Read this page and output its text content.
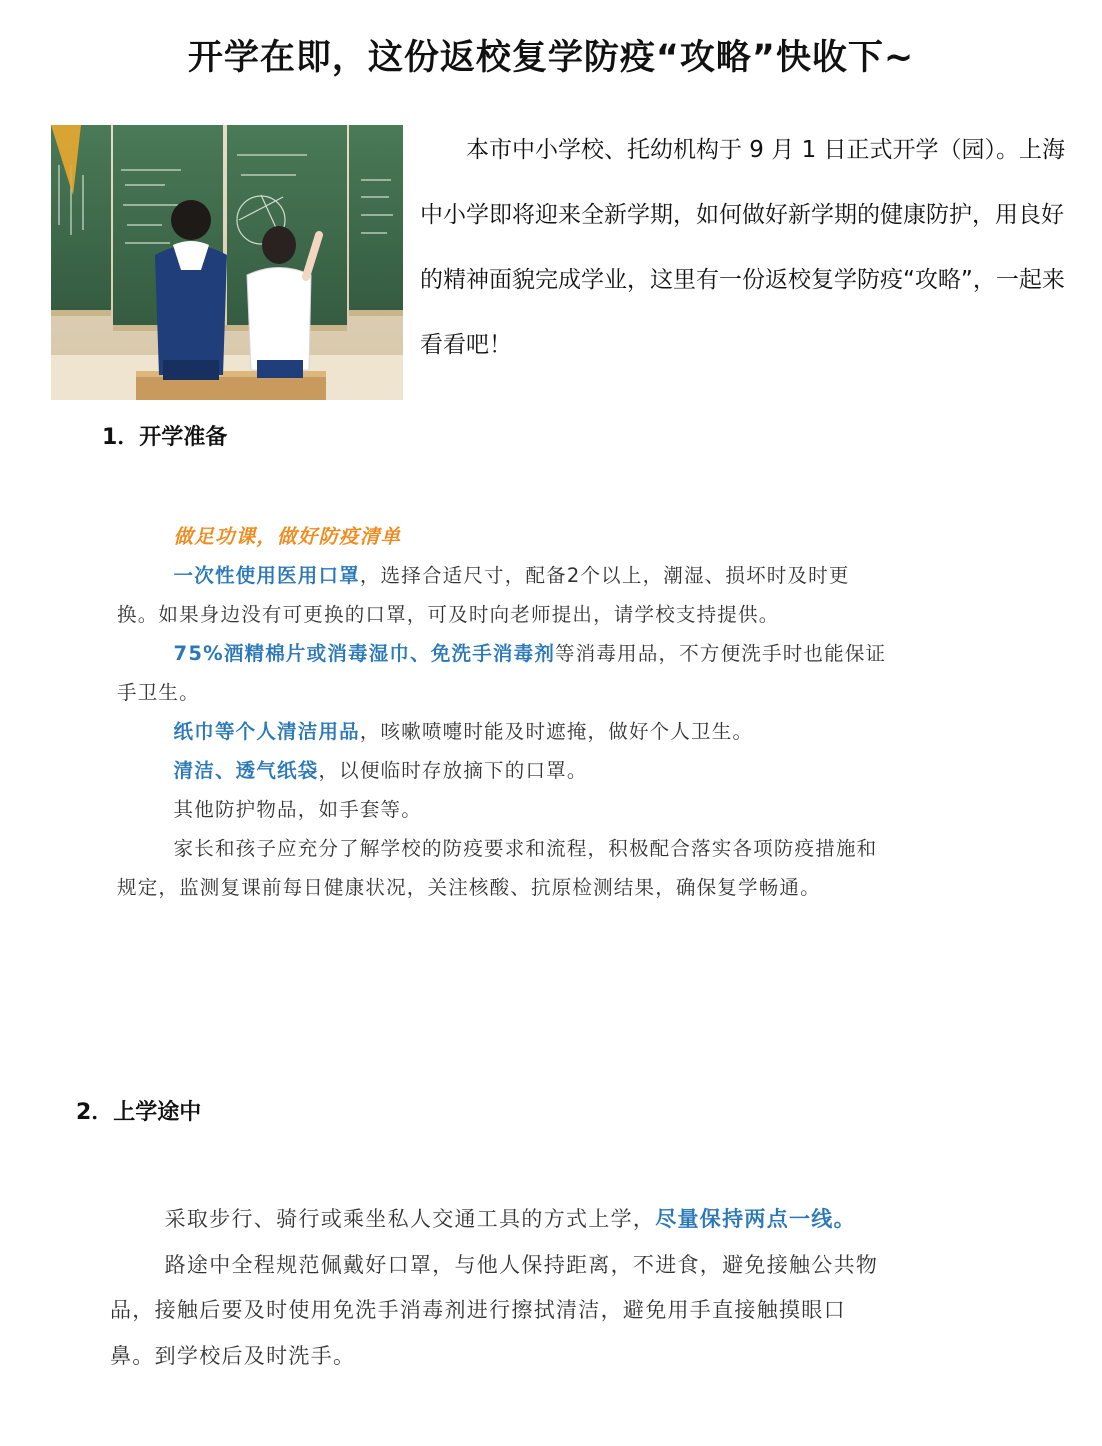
开学在即，这份返校复学防疫“攻略”快收下~

本市中小学校、托幼机构于 9 月 1 日正式开学（园）。上海中小学即将迎来全新学期，如何做好新学期的健康防护，用良好的精神面貌完成学业，这里有一份返校复学防疫“攻略”，一起来看看吧！

1．开学准备

做足功课，做好防疫清单

一次性使用医用口罩，选择合适尺寸，配备2个以上，潮湿、损坏时及时更换。如果身边没有可更换的口罩，可及时向老师提出，请学校支持提供。

75%酒精棉片或消毒湿巾、免洗手消毒剂等消毒用品，不方便洗手时也能保证手卫生。

纸巾等个人清洁用品，咳嗽喷嚏时能及时遮掩，做好个人卫生。

清洁、透气纸袋，以便临时存放摘下的口罩。

其他防护物品，如手套等。

家长和孩子应充分了解学校的防疫要求和流程，积极配合落实各项防疫措施和规定，监测复课前每日健康状况，关注核酸、抗原检测结果，确保复学畅通。

2．上学途中

采取步行、骑行或乘坐私人交通工具的方式上学，尽量保持两点一线。

路途中全程规范佩戴好口罩，与他人保持距离，不进食，避免接触公共物品，接触后要及时使用免洗手消毒剂进行擦拭清洁，避免用手直接触摸眼口鼻。到学校后及时洗手。
